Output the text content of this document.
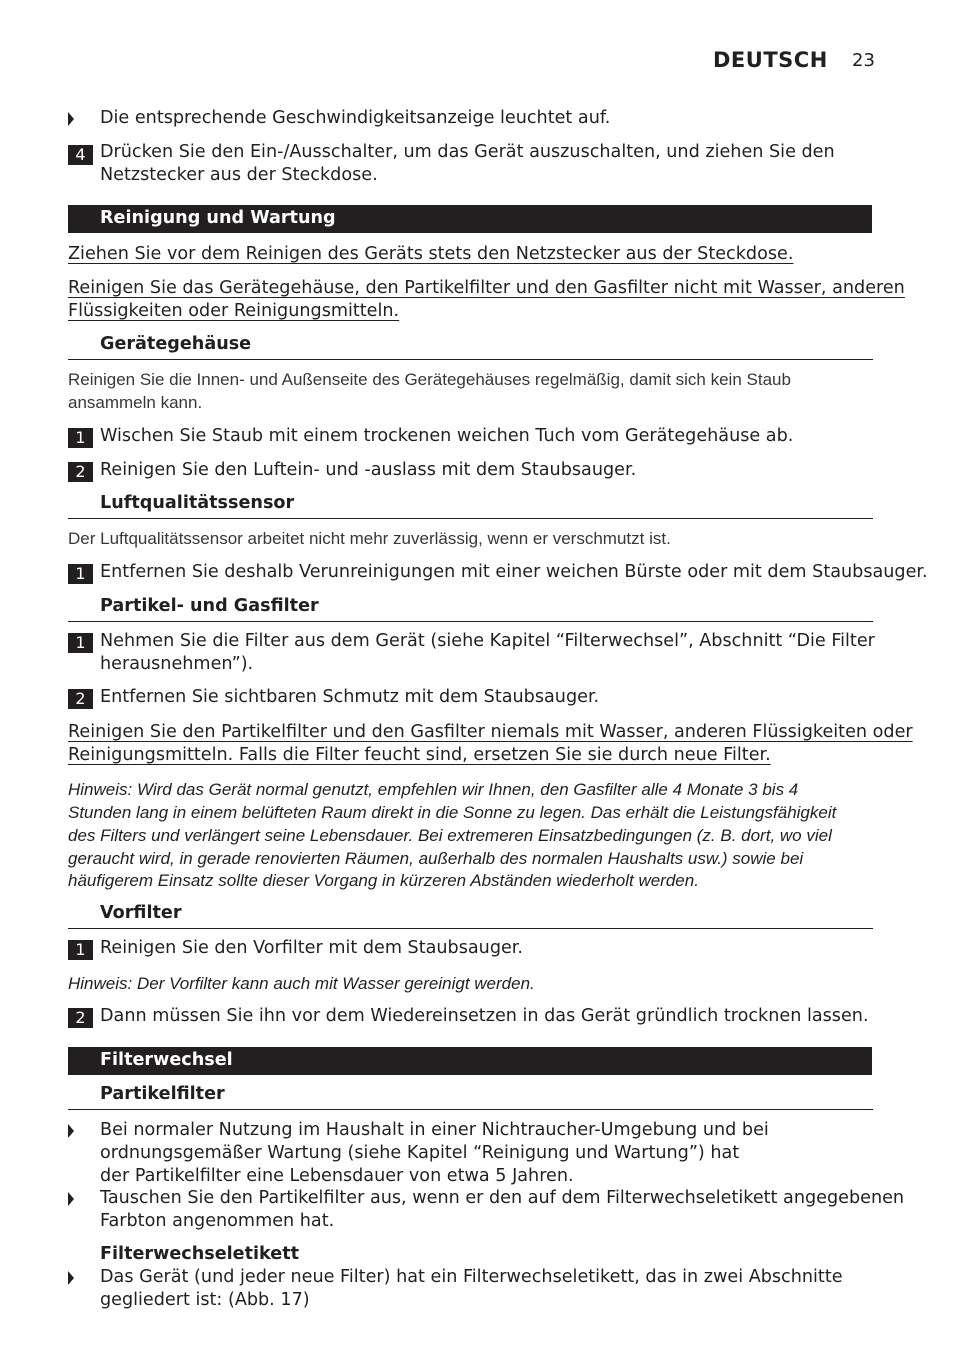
DEUTSCH 23
Die entsprechende Geschwindigkeitsanzeige leuchtet auf.
4 Drücken Sie den Ein-/Ausschalter, um das Gerät auszuschalten, und ziehen Sie den
Netzstecker aus der Steckdose.
Reinigung und Wartung
Ziehen Sie vor dem Reinigen des Geräts stets den Netzstecker aus der Steckdose.
Reinigen Sie das Gerätegehäuse, den Partikelfilter und den Gasfilter nicht mit Wasser, anderen
Flüssigkeiten oder Reinigungsmitteln.
Gerätegehäuse
Reinigen Sie die Innen- und Außenseite des Gerätegehäuses regelmäßig, damit sich kein Staub
ansammeln kann.
1 Wischen Sie Staub mit einem trockenen weichen Tuch vom Gerätegehäuse ab.
2 Reinigen Sie den Luftein- und -auslass mit dem Staubsauger.
Luftqualitätssensor
Der Luftqualitätssensor arbeitet nicht mehr zuverlässig, wenn er verschmutzt ist.
1 Entfernen Sie deshalb Verunreinigungen mit einer weichen Bürste oder mit dem Staubsauger.
Partikel- und Gasfilter
1 Nehmen Sie die Filter aus dem Gerät (siehe Kapitel “Filterwechsel”, Abschnitt “Die Filter
herausnehmen”).
2 Entfernen Sie sichtbaren Schmutz mit dem Staubsauger.
Reinigen Sie den Partikelfilter und den Gasfilter niemals mit Wasser, anderen Flüssigkeiten oder
Reinigungsmitteln. Falls die Filter feucht sind, ersetzen Sie sie durch neue Filter.
Hinweis: Wird das Gerät normal genutzt, empfehlen wir Ihnen, den Gasfilter alle 4 Monate 3 bis 4
Stunden lang in einem belüfteten Raum direkt in die Sonne zu legen. Das erhält die Leistungsfähigkeit
des Filters und verlängert seine Lebensdauer. Bei extremeren Einsatzbedingungen (z. B. dort, wo viel
geraucht wird, in gerade renovierten Räumen, außerhalb des normalen Haushalts usw.) sowie bei
häufigerem Einsatz sollte dieser Vorgang in kürzeren Abständen wiederholt werden.
Vorfilter
1 Reinigen Sie den Vorfilter mit dem Staubsauger.
Hinweis: Der Vorfilter kann auch mit Wasser gereinigt werden.
2 Dann müssen Sie ihn vor dem Wiedereinsetzen in das Gerät gründlich trocknen lassen.
Filterwechsel
Partikelfilter
Bei normaler Nutzung im Haushalt in einer Nichtraucher-Umgebung und bei
ordnungsgemäßer Wartung (siehe Kapitel “Reinigung und Wartung”) hat
der Partikelfilter eine Lebensdauer von etwa 5 Jahren.
Tauschen Sie den Partikelfilter aus, wenn er den auf dem Filterwechseletikett angegebenen
Farbton angenommen hat.
Filterwechseletikett
Das Gerät (und jeder neue Filter) hat ein Filterwechseletikett, das in zwei Abschnitte
gegliedert ist: (Abb. 17)
